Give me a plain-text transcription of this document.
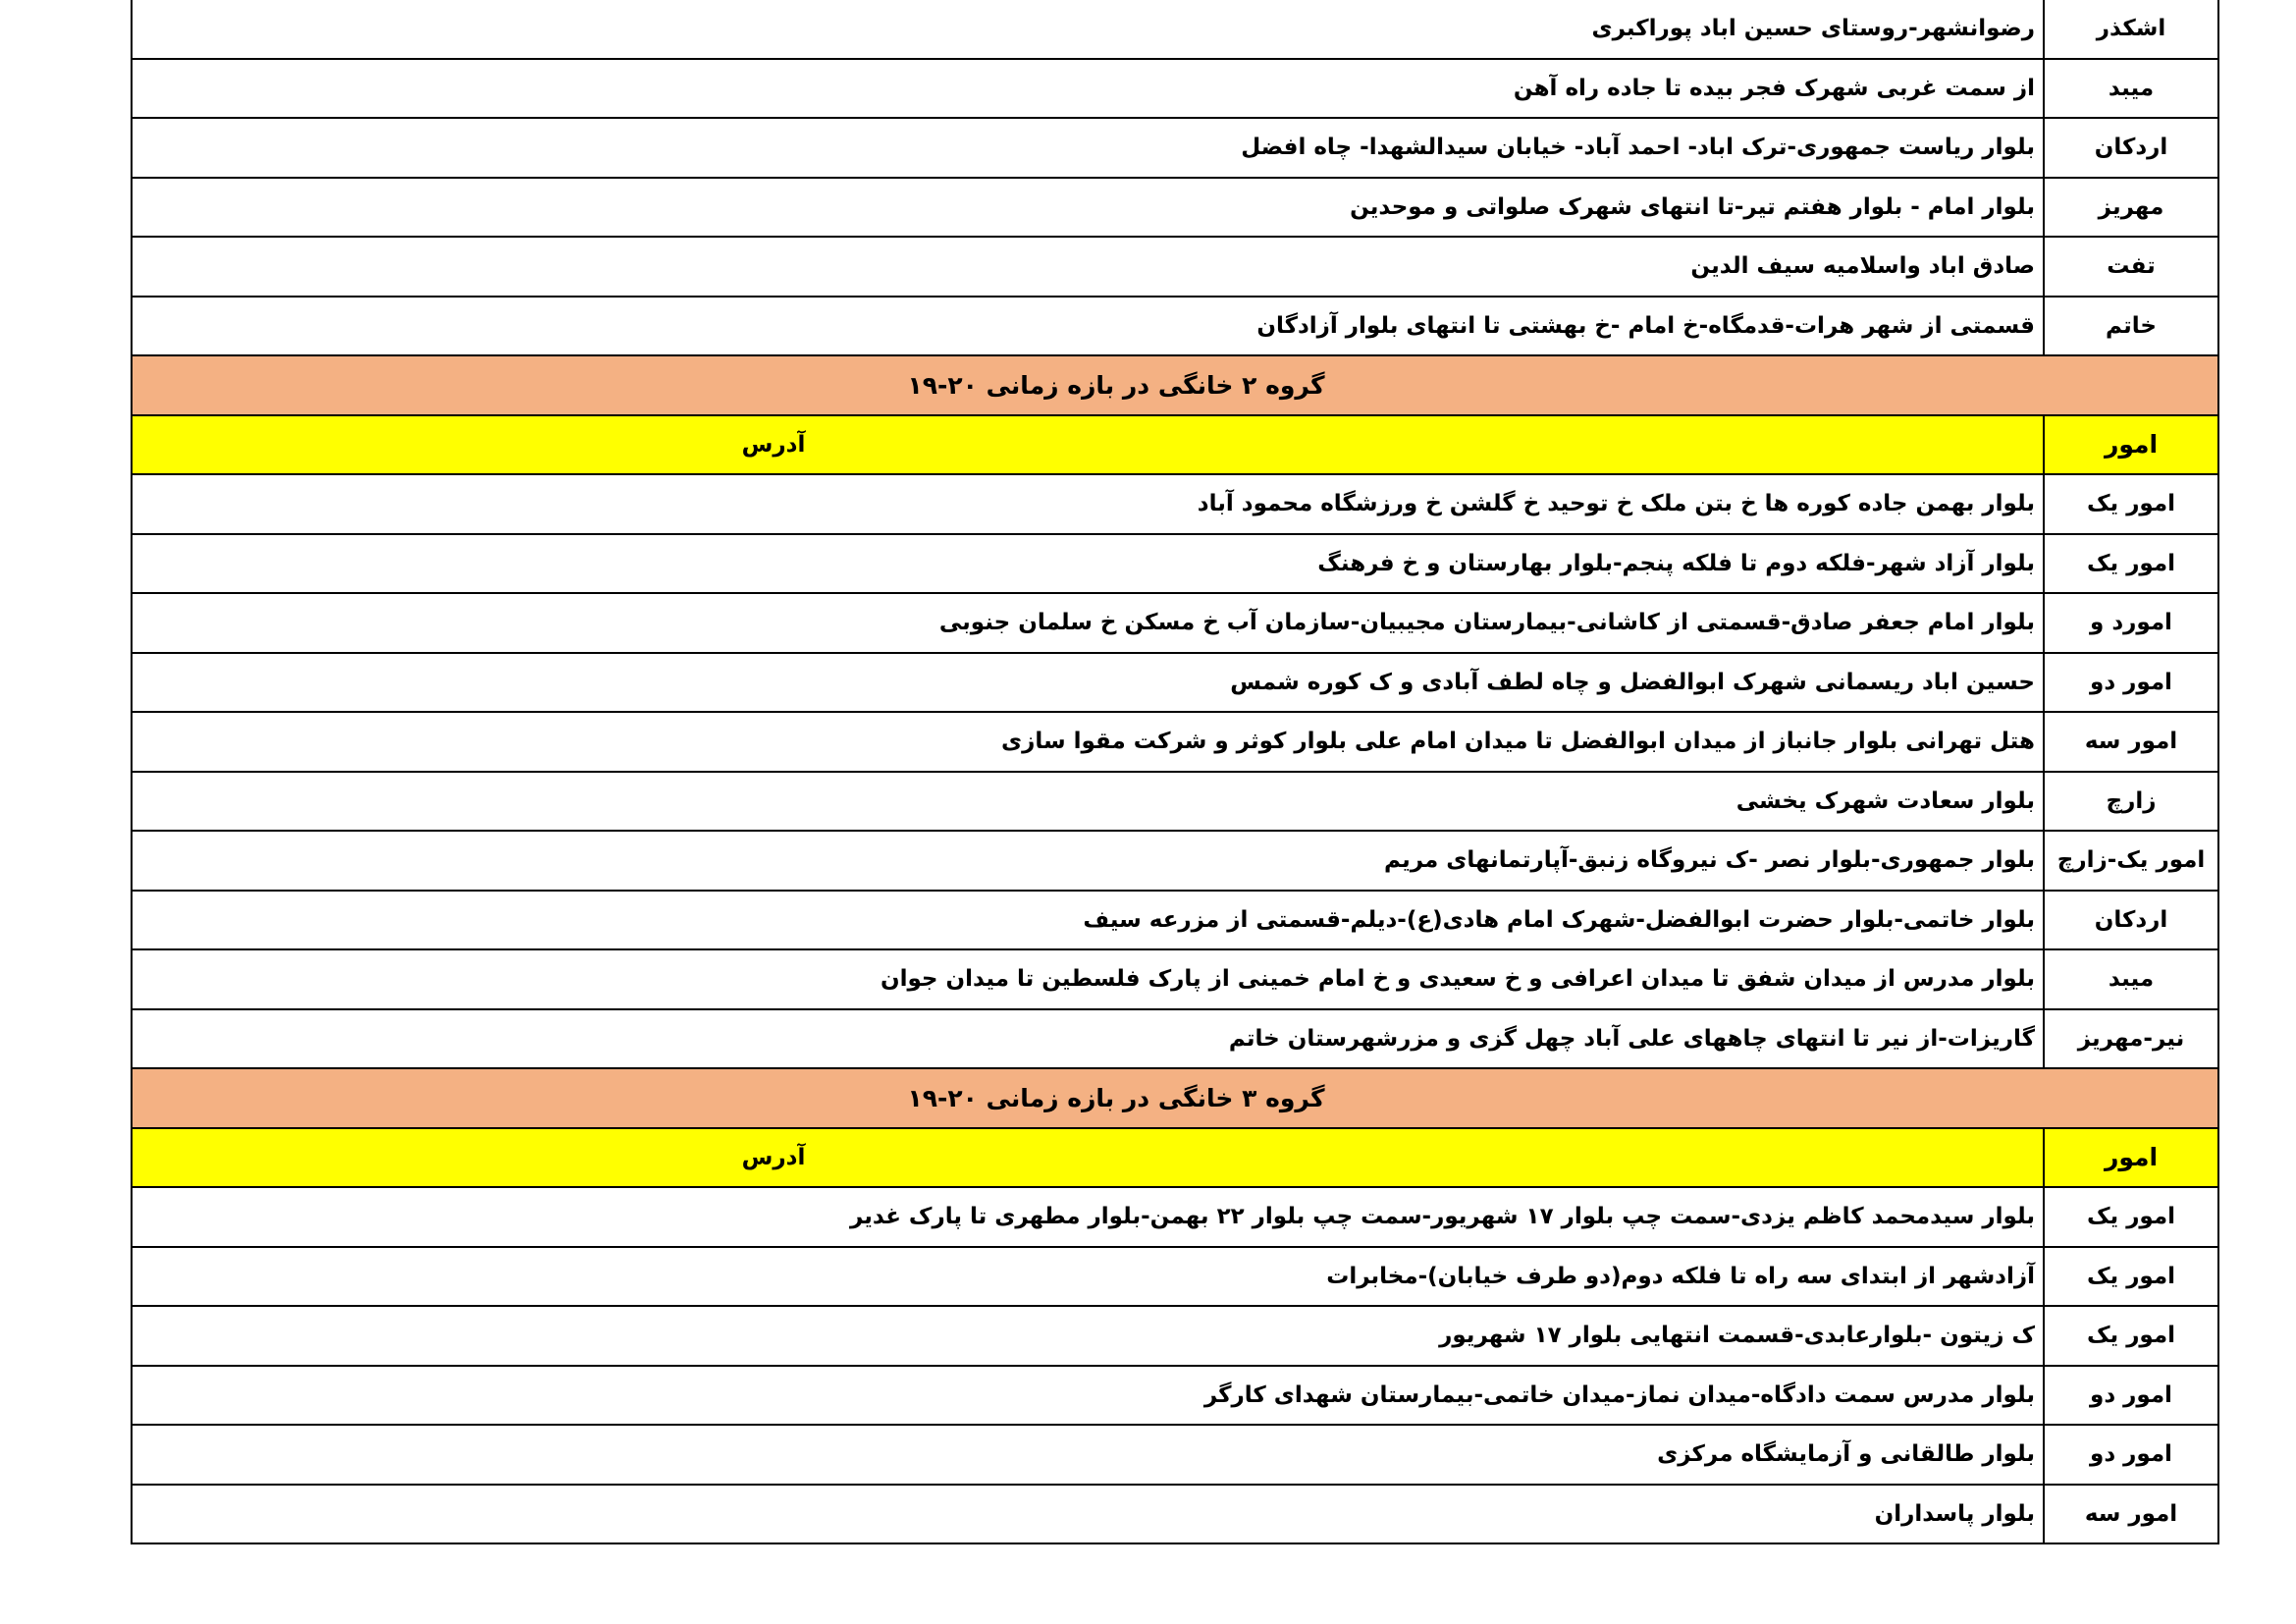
اشکذر	رضوانشهر-روستای حسین اباد پوراکبری
میبد	از سمت غربی شهرک فجر بیده تا جاده راه آهن
اردکان	بلوار ریاست جمهوری-ترک اباد- احمد آباد- خیابان سیدالشهدا- چاه افضل
مهریز	بلوار امام - بلوار هفتم تیر-تا انتهای شهرک صلواتی و موحدین
تفت	صادق اباد واسلامیه سیف الدین
خاتم	قسمتی از شهر هرات-قدمگاه-خ امام -خ بهشتی تا انتهای بلوار آزادگان
گروه ۲ خانگی در بازه زمانی ۲۰-۱۹	
امور	آدرس
امور یک	بلوار بهمن جاده کوره ها خ بتن ملک خ توحید خ گلشن خ ورزشگاه محمود آباد
امور یک	بلوار آزاد شهر-فلکه دوم تا فلکه پنجم-بلوار بهارستان و خ فرهنگ
امورد و	بلوار امام جعفر صادق-قسمتی از کاشانی-بیمارستان مجیبیان-سازمان آب خ مسکن خ سلمان جنوبی
امور دو	حسین اباد ریسمانی شهرک ابوالفضل و چاه لطف آبادی و ک کوره شمس
امور سه	هتل تهرانی بلوار جانباز از میدان ابوالفضل تا میدان امام علی بلوار کوثر و شرکت مقوا سازی
زارچ	بلوار سعادت شهرک یخشی
امور یک-زارچ	بلوار جمهوری-بلوار نصر -ک نیروگاه زنبق-آپارتمانهای مریم
اردکان	بلوار خاتمی-بلوار حضرت ابوالفضل-شهرک امام هادی(ع)-دیلم-قسمتی از مزرعه سیف
میبد	بلوار مدرس از میدان شفق تا میدان اعرافی و خ سعیدی و خ امام خمینی از پارک فلسطین تا میدان جوان
نیر-مهریز	گاریزات-از نیر تا انتهای چاههای علی آباد چهل گزی و مزرشهرستان خاتم
گروه ۳ خانگی در بازه زمانی ۲۰-۱۹	
امور	آدرس
امور یک	بلوار سیدمحمد کاظم یزدی-سمت چپ بلوار ۱۷ شهریور-سمت چپ بلوار ۲۲ بهمن-بلوار مطهری تا پارک غدیر
امور یک	آزادشهر از ابتدای سه راه تا فلکه دوم(دو طرف خیابان)-مخابرات
امور یک	ک زیتون -بلوارعابدی-قسمت انتهایی بلوار ۱۷ شهریور
امور دو	بلوار مدرس سمت دادگاه-میدان نماز-میدان خاتمی-بیمارستان شهدای کارگر
امور دو	بلوار طالقانی و آزمایشگاه مرکزی
امور سه	بلوار پاسداران
